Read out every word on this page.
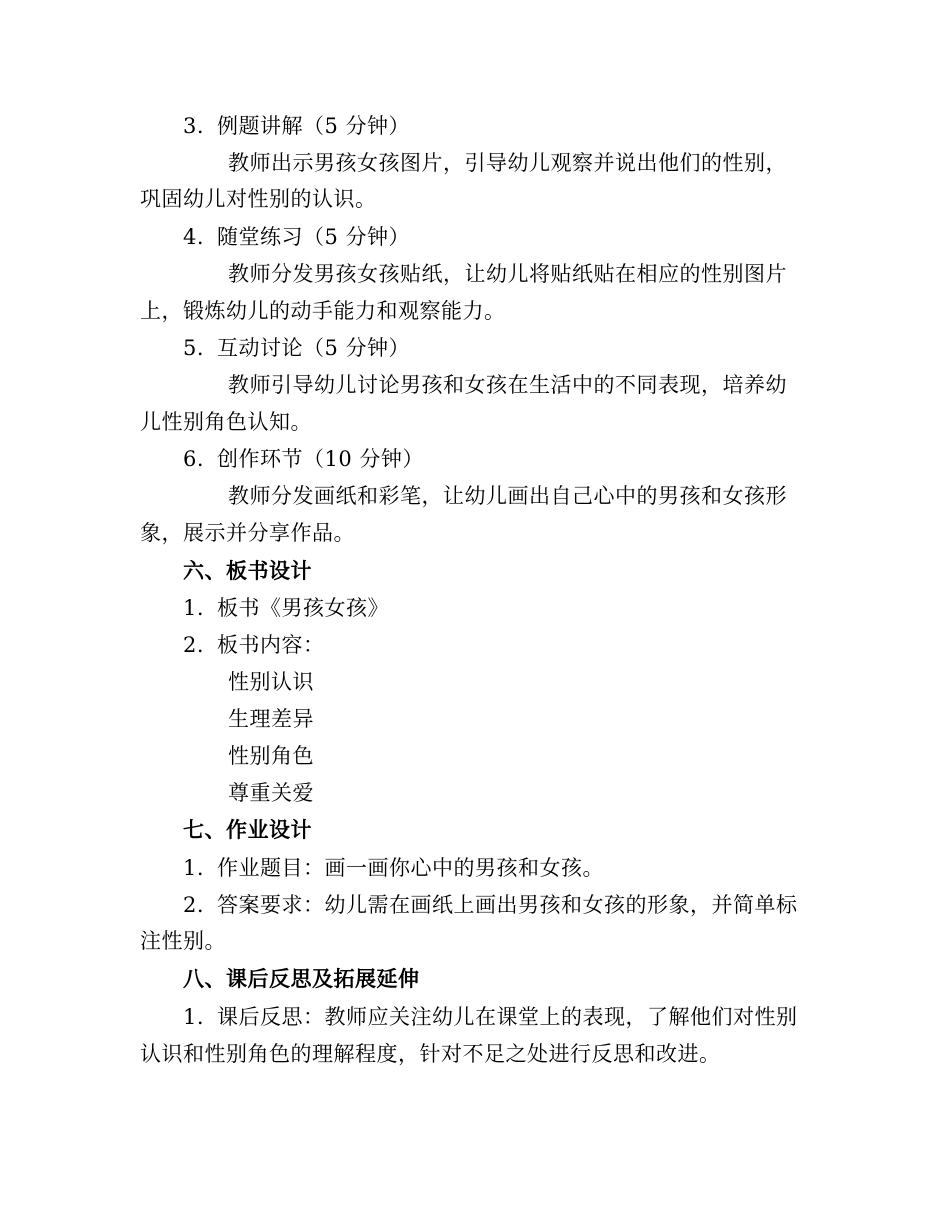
3. 例题讲解（5 分钟）
教师出示男孩女孩图片，引导幼儿观察并说出他们的性别，
巩固幼儿对性别的认识。
4. 随堂练习（5 分钟）
教师分发男孩女孩贴纸，让幼儿将贴纸贴在相应的性别图片
上，锻炼幼儿的动手能力和观察能力。
5. 互动讨论（5 分钟）
教师引导幼儿讨论男孩和女孩在生活中的不同表现，培养幼
儿性别角色认知。
6. 创作环节（10 分钟）
教师分发画纸和彩笔，让幼儿画出自己心中的男孩和女孩形
象，展示并分享作品。
六、板书设计
1. 板书《男孩女孩》
2. 板书内容：
性别认识
生理差异
性别角色
尊重关爱
七、作业设计
1. 作业题目：画一画你心中的男孩和女孩。
2. 答案要求：幼儿需在画纸上画出男孩和女孩的形象，并简单标
注性别。
八、课后反思及拓展延伸
1. 课后反思：教师应关注幼儿在课堂上的表现，了解他们对性别
认识和性别角色的理解程度，针对不足之处进行反思和改进。
